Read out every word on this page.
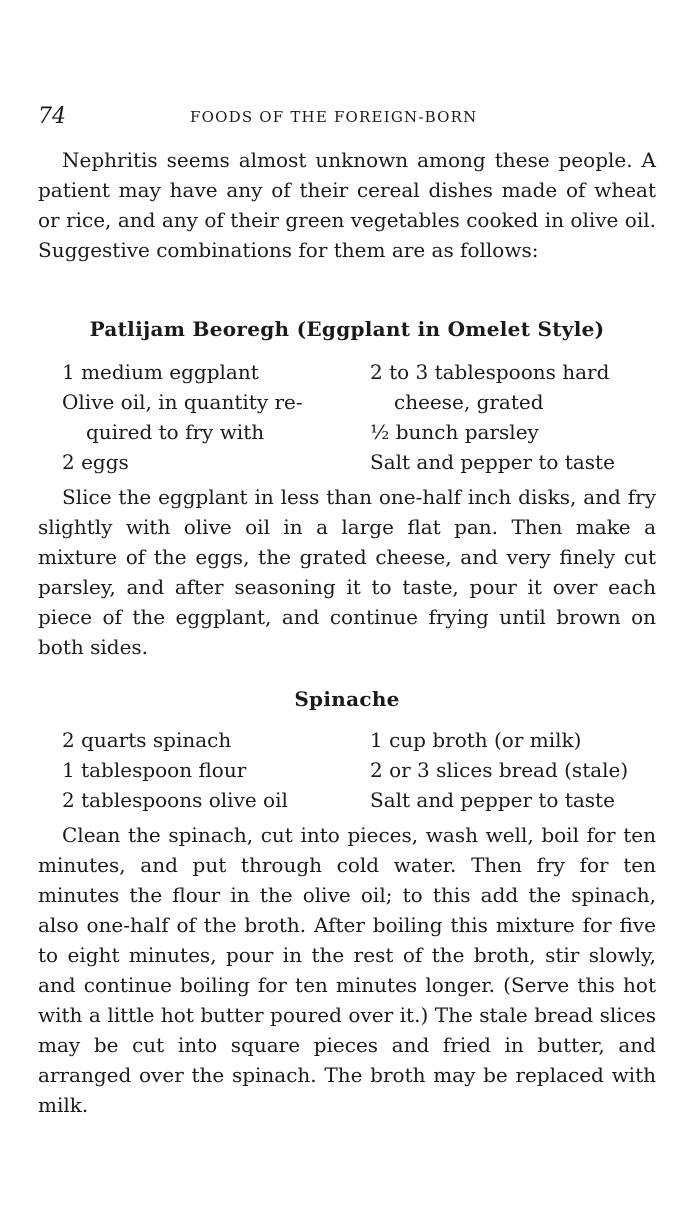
74	FOODS OF THE FOREIGN-BORN

Nephritis seems almost unknown among these people. A patient may have any of their cereal dishes made of wheat or rice, and any of their green vegetables cooked in olive oil. Suggestive combinations for them are as follows:

Patlijam Beoregh (Eggplant in Omelet Style)
1 medium eggplant
Olive oil, in quantity re-
quired to fry with
2 eggs
2 to 3 tablespoons hard
cheese, grated
½ bunch parsley
Salt and pepper to taste

Slice the eggplant in less than one-half inch disks, and fry slightly with olive oil in a large flat pan. Then make a mixture of the eggs, the grated cheese, and very finely cut parsley, and after seasoning it to taste, pour it over each piece of the eggplant, and continue frying until brown on both sides.

Spinache
2 quarts spinach
1 tablespoon flour
2 tablespoons olive oil
1 cup broth (or milk)
2 or 3 slices bread (stale)
Salt and pepper to taste

Clean the spinach, cut into pieces, wash well, boil for ten minutes, and put through cold water. Then fry for ten minutes the flour in the olive oil; to this add the spinach, also one-half of the broth. After boiling this mixture for five to eight minutes, pour in the rest of the broth, stir slowly, and continue boiling for ten minutes longer. (Serve this hot with a little hot butter poured over it.) The stale bread slices may be cut into square pieces and fried in butter, and arranged over the spinach. The broth may be replaced with milk.
